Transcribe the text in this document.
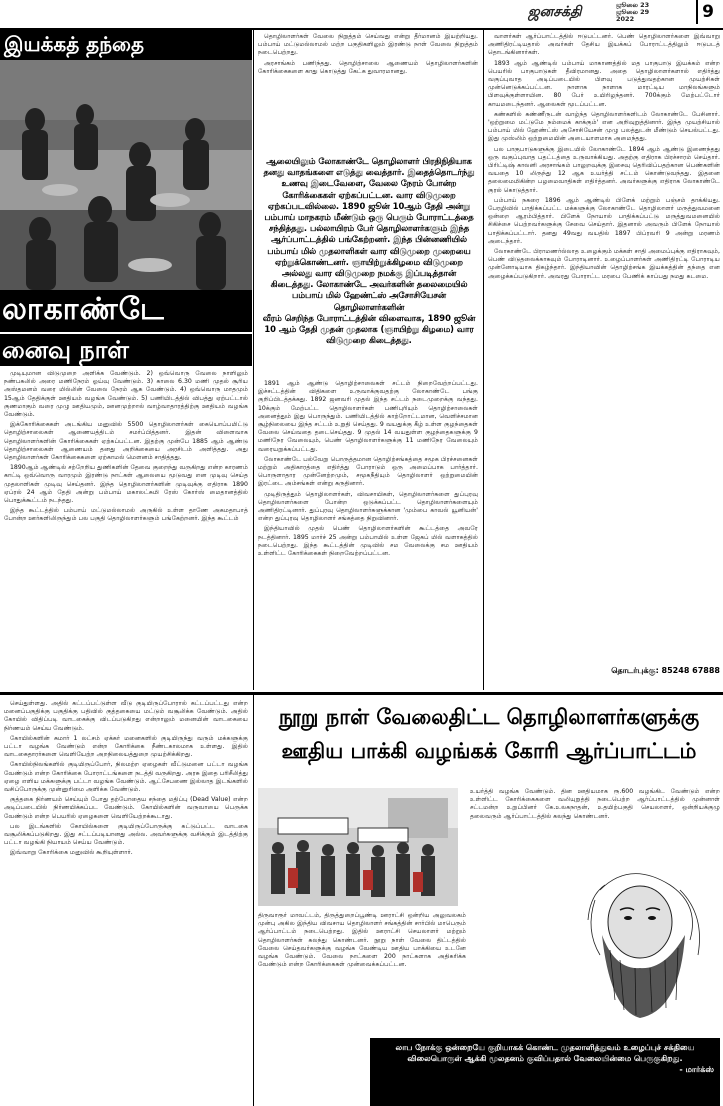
ஜனசக்தி	ஜூலை 23
ஜூலை 29
2022	9
இயக்கத் தந்தை
லாகாண்டே
னைவு நாள்

முடியுமான விடுமுறை அளிக்க வேண்டும். 2) ஒவ்வொரு வேலை நாளிலும் நண்பகலில் அரை மணிநேரம் ஓய்வு வேண்டும். 3) காலை 6.30 மணி முதல் சூரிய அஸ்தமனம் வரை மில்லின் வேலை நேரம் ஆக வேண்டும். 4) ஒவ்வொரு மாதமும் 15ஆம் தேதிக்குள் ஊதியம் வழங்க வேண்டும். 5) பணியிடத்தில் விபத்து ஏற்பட்டால் குணமாகும் வரை முழு ஊதியமும், ஊனமுற்றால் வாழ்வாதாரத்திற்கு ஊதியம் வழங்க வேண்டும்.

இக்கோரிக்கைகள் அடங்கிய மனுவில் 5500 தொழிலாளர்கள் கையொப்பமிட்டு தொழிற்சாலைகள் ஆணையத்திடம் சமர்ப்பித்தனர். இதன் விளைவாக தொழிலாளர்களின் கோரிக்கைகள் ஏற்கப்பட்டன. இதற்கு முன்பே 1885 ஆம் ஆண்டு தொழிற்சாலைகள் ஆணையம் தனது அறிக்கையை அரசிடம் அளித்தது. அது தொழிலாளர்கள் கோரிக்கைகளை ஏற்காமல் மௌனம் சாதித்தது.

1890ஆம் ஆண்டில் சற்றேறிய துணிகளின் தேவை குறைந்து வருகிறது என்ற காரணம் காட்டி ஒவ்வொரு வாரமும் இரண்டு நாட்கள் ஆலையை மூடுவது என முடிவு செய்த முதலாளிகள் முடிவு செய்தனர். இந்த தொழிலாளர்களின் முடிவுக்கு எதிராக 1890 ஏப்ரல் 24 ஆம் தேதி அன்று பம்பாய் மகாலட்சுமி ரேஸ் கோர்ஸ் மைதானத்தில் பொதுக்கூட்டம் நடந்தது.

இந்த கூட்டத்தில் பம்பாய் மட்டுமல்லாமல் அருகில் உள்ள தாணே அகமதாபாத் போன்ற ஊர்களிலிருந்தும் பல பகுதி தொழிலாளர்களும் பங்கேற்றனர். இந்த கூட்டம்

தொழிலாளர்கள் வேலை நிறுத்தம் செய்வது என்று தீர்மானம் இயற்றியது. பம்பாய் மட்டுமல்லாமல் மற்ற பகுதிகளிலும் இரண்டு நாள் வேலை நிறுத்தம் நடைபெற்றது.

அரசாங்கம் பணிந்தது. தொழிற்சாலை ஆணையம் தொழிலாளர்களின் கோரிக்கைகளை காது கொடுத்து கேட்க துவாரமானது.

ஆலையிலும் லோகாண்டே தொழிலாளர் பிரதிநிதியாக தனது வாதங்களை எடுத்து வைத்தார். இதைத்தொடர்ந்து உணவு இடைவேளை, வேலை நேரம் போன்ற கோரிக்கைகள் ஏற்கப்பட்டன. வார விடுமுறை ஏற்கப்படவில்லை. 1890 ஜூன் 10ஆம் தேதி அன்று பம்பாய் மாநகரம் மீண்டும் ஒரு பெரும் போராட்டத்தை சந்தித்தது. பல்லாயிரம் பேர் தொழிலாளர்களும் இந்த ஆர்ப்பாட்டத்தில் பங்கேற்றனர். இந்த பின்னணியில் பம்பாய் மில் முதலாளிகள் வார விடுமுறை முறையை ஏற்றுக்கொண்டனர். ஞாயிற்றுக்கிழமை விடுமுறை அல்லது வார விடுமுறை நமக்கு இப்படித்தான் கிடைத்தது. லோகாண்டே அவர்களின் தலைமையில் பம்பாய் மில் ஹேண்ட்ஸ் அசோசியேசன் தொழிலாளர்களின்
வீரம் செறிந்த போராட்டத்தின் விளைவாக, 1890 ஜூன் 10 ஆம் தேதி முதன் முதலாக (ஞாயிற்று கிழமை) வார விடுமுறை கிடைத்தது.

1891 ஆம் ஆண்டு தொழிற்சாலைகள் சட்டம் நிறைவேற்றப்பட்டது. இச்சட்டத்தின் விதிகளை உருவாக்குவதற்கு லோகாண்டே பங்கு குறிப்பிடத்தக்கது. 1892 ஜனவரி முதல் இந்த சட்டம் நடைமுறைக்கு வந்தது. 10க்கும் மேற்பட்ட தொழிலாளர்கள் பணிபுரியும் தொழிற்சாலைகள் அனைத்தும் இது பொருந்தும். பணியிடத்தில் காற்றோட்டமான, வெளிச்சமான சூழ்நிலையை இந்த சட்டம் உறுதி செய்தது. 9 வயதுக்கு கீழ் உள்ள குழந்தைகள் வேலை செய்வதை தடைசெய்தது. 9 முதல் 14 வயதுள்ள குழந்தைகளுக்கு 9 மணிநேர வேலையும், பெண் தொழிலாளர்களுக்கு 11 மணிநேர வேலையும் வரையறுக்கப்பட்டது.

லோகாண்டே பல்வேறு பொருத்தமான தொழிற்சங்கத்தை சமூக பிரச்சனைகள் மற்றும் அதிகாரத்தை எதிர்த்து போராடும் ஒரு அமைப்பாக பார்த்தார். பொருளாதார முன்னேற்றமும், சமூகநீதியும் தொழிலாளர் ஒற்றுமையின் இரட்டை அம்சங்கள் என்று கருதினார்.

முடிதிருத்தும் தொழிலாளர்கள், விவசாயிகள், தொழிலாளர்களை துப்புரவு தொழிலாளர்களை போன்ற ஒடுக்கப்பட்ட தொழிலாளர்களையும் அணிதிரட்டினார். துப்புரவு தொழிலாளர்களுக்கான 'மும்பை காவல் யூனியன்' என்ற துப்புரவு தொழிலாளர் சங்கத்தை நிறுவினார்.

இந்தியாவில் முதல் பெண் தொழிலாளர்களின் கூட்டத்தை அவரே நடத்தினார். 1895 மார்ச் 25 அன்று பம்பாயில் உள்ள ஜேகப் மில் வளாகத்தில் நடைபெற்றது. இந்த கூட்டத்தின் முடிவில் சம வேலைக்கு சம ஊதியம் உள்ளிட்ட கோரிக்கைகள் நிறைவேற்றப்பட்டன.

வாளர்கள் ஆர்ப்பாட்டத்தில் ஈடுபட்டனர். பெண் தொழிலாளர்களை இவ்வாறு அணிதிரட்டியதால் அவர்கள் தேசிய இயக்கப் போராட்டத்திலும் ஈடுபடத் தொடங்கினார்கள்.

1893 ஆம் ஆண்டில் பம்பாய் மாகாணத்தில் மத பாகுபாடு இயக்கம் என்ற பெயரில் பாகுபாடுகள் தீவிரமானது. அதை தொழிலாளர்களால் எதிர்த்து வகுப்புவாத அடிப்படையில் பிளவு படுத்துவதற்கான முயற்சிகள் முன்னெடுக்கப்பட்டன. நாளாக நாளாக மாரட்டிய மாநிலங்களும் பிளவுக்குள்ளாயின. 80 பேர் உயிரிழந்தனர். 700க்கும் மேற்பட்டோர் காயமடைந்தனர். ஆலைகள் மூடப்பட்டன.

கண்களில் கண்ணீருடன் வாழ்ந்த தொழிலாளர்களிடம் லோகாண்டே பேசினார். 'ஒற்றுமை மட்டுமே நம்மைக் காக்கும்' என அறிவுறுத்தினார். இந்த முயற்சியால் பம்பாய் மில் ஹேண்ட்ஸ் அசோசியேசன் முழு பலத்துடன் மீண்டும் செயல்பட்டது. இது முஸ்லிம் ஒற்றுமையின் அடையாளமாக அமைந்தது.

பல பாகுபாடுகளுக்கு இடையில் லோகாண்டே 1894 ஆம் ஆண்டு இணைந்தது ஒரு வகுப்புவாத பதட்டத்தை உருவாக்கியது. அதற்கு எதிராக பிரச்சாரம் செய்தார். பிரிட்டிஷ் காலனி அரசாங்கம் பாலுறவுக்கு இசைவு தெரிவிப்பதற்கான பெண்களின் வயதை 10 லிருந்து 12 ஆக உயர்த்தி சட்டம் கொண்டுவந்தது. இதனை தலைமைமிகின்ற பழமைவாதிகள் எதிர்த்தனர். அவர்களுக்கு எதிராக லோகாண்டே குரல் கொடுத்தார்.

பம்பாய் நகரை 1896 ஆம் ஆண்டில் பிளேக் மற்றும் பஞ்சம் தாக்கியது. பேரழிவில் பாதிக்கப்பட்ட மக்களுக்கு லோகாண்டே தொழிலாளர் மருத்துவமனை ஒன்றை ஆரம்பித்தார். பிளேக் நோயால் பாதிக்கப்பட்டு மருத்துவமனையில் சிகிச்சை பெற்றவர்களுக்கு சேவை செய்தார். இதனால் அவரும் பிளேக் நோயால் பாதிக்கப்பட்டார். தனது 49வது வயதில் 1897 பிப்ரவரி 9 அன்று மரணம் அடைந்தார்.

லோகாண்டே பிராமணர்ல்லாத உழைக்கும் மக்கள் சாதி அமைப்புக்கு எதிராகவும், பெண் விடுதலைக்காகவும் போராடினார். உழைப்பாளர்கள் அணிதிரட்டி போராடிய முன்னோடியாக திகழ்ந்தார். இந்தியாவின் தொழிற்சங்க இயக்கத்தின் தந்தை என அழைக்கப்படுகிறார். அவரது போராட்ட மரபை பேணிக் காப்பது நமது கடமை.

தொடர்புக்கு: 85248 67888

செய்துள்ளது. அதில் கட்டப்பட்டுள்ள வீடு குடியிருப்போரால் கட்டப்பட்டது என்ற மனைப்பகுதிக்கு பகுதிக்கு பதிவில் குத்தகையை மட்டும் வசூலிக்க வேண்டும். அதில் கோயில் விதிப்படி வாடகைக்கு விடப்படுகிறது என்றாலும் மனையின் வாடகையை நிர்ணயம் செய்ய வேண்டும்.

கோயில்களின் சுமார் 1 லட்சம் ஏக்கர் மனைகளில் குடியிருந்து வரும் மக்களுக்கு பட்டா வழங்க வேண்டும் என்ற கோரிக்கை நீண்டகாலமாக உள்ளது. இதில் வாடகைதாரர்களை வெளியேற்ற அறநிலையத்துறை முயற்சிக்கிறது.

கோயில்நிலங்களில் குடியிருப்போர், நிலமற்ற ஏழைகள் வீட்டுமனை பட்டா வழங்க வேண்டும் என்ற கோரிக்கை போராட்டங்களை நடத்தி வருகிறது. அரசு இதை பரிசீலித்து ஏழை எளிய மக்களுக்கு பட்டா வழங்க வேண்டும். ஆட்சேபணை இல்லாத இடங்களில் வசிப்போருக்கு முன்னுரிமை அளிக்க வேண்டும்.

குத்தகை நிர்ணயம் செய்யும் போது தற்போதைய சந்தை மதிப்பு (Dead Value) என்ற அடிப்படையில் நிர்ணயிக்கப்பட வேண்டும். கோயில்களின் வருவாயை பெருக்க வேண்டும் என்ற பெயரில் ஏழைகளை வெளியேற்றக்கூடாது.

பல இடங்களில் கோயில்களை குடியிருப்போருக்கு கட்டுப்பட்ட வாடகை வசூலிக்கப்படுகிறது. இது சட்டப்படியானது அல்ல. அவர்களுக்கு வசிக்கும் இடத்திற்கு பட்டா வழங்கி நியாயம் செய்ய வேண்டும்.

இவ்வாறு கோரிக்கை மனுவில் கூறியுள்ளார்.

நூறு நாள் வேலைதிட்ட தொழிலாளர்களுக்கு
ஊதிய பாக்கி வழங்கக் கோரி ஆர்ப்பாட்டம்
திருவாரூர் மாவட்டம், திருத்துறைப்பூண்டி ஊராட்சி ஒன்றிய அலுவலகம் முன்பு அகில இந்திய விவசாய தொழிலாளர் சங்கத்தின் சார்பில் மாபெரும் ஆர்ப்பாட்டம் நடைபெற்றது. இதில் ஊராட்சி செயலாளர் மற்றும் தொழிலாளர்கள் கலந்து கொண்டனர். நூறு நாள் வேலை திட்டத்தில் வேலை செய்தவர்களுக்கு வழங்க வேண்டிய ஊதிய பாக்கியை உடனே வழங்க வேண்டும். வேலை நாட்களை 200 நாட்களாக அதிகரிக்க வேண்டும் என்ற கோரிக்கைகள் முன்வைக்கப்பட்டன.
உயர்த்தி வழங்க வேண்டும். தின ஊதியமாக ரூ.600 வழங்கிட வேண்டும் என்ற உள்ளிட்ட கோரிக்கைகளை வலியுறுத்தி நடைபெற்ற ஆர்ப்பாட்டத்தில் முன்னாள் சட்டமன்ற உறுப்பினர் கே.உலகநாதன், உதயிற்பகுதி செயலாளர், ஒன்றியக்குழு தலைவரும் ஆர்ப்பாட்டத்தில் கலந்து கொண்டனர்.
லாப நோக்கு ஒன்றையே குறியாகக் கொண்ட முதலாளித்துவம் உழைப்புச் சக்தியை விலைபொருள் ஆக்கி மூலதனம் குவிப்பதால் வேலையின்மை பெருகுகிறது.
- மார்க்ஸ்
